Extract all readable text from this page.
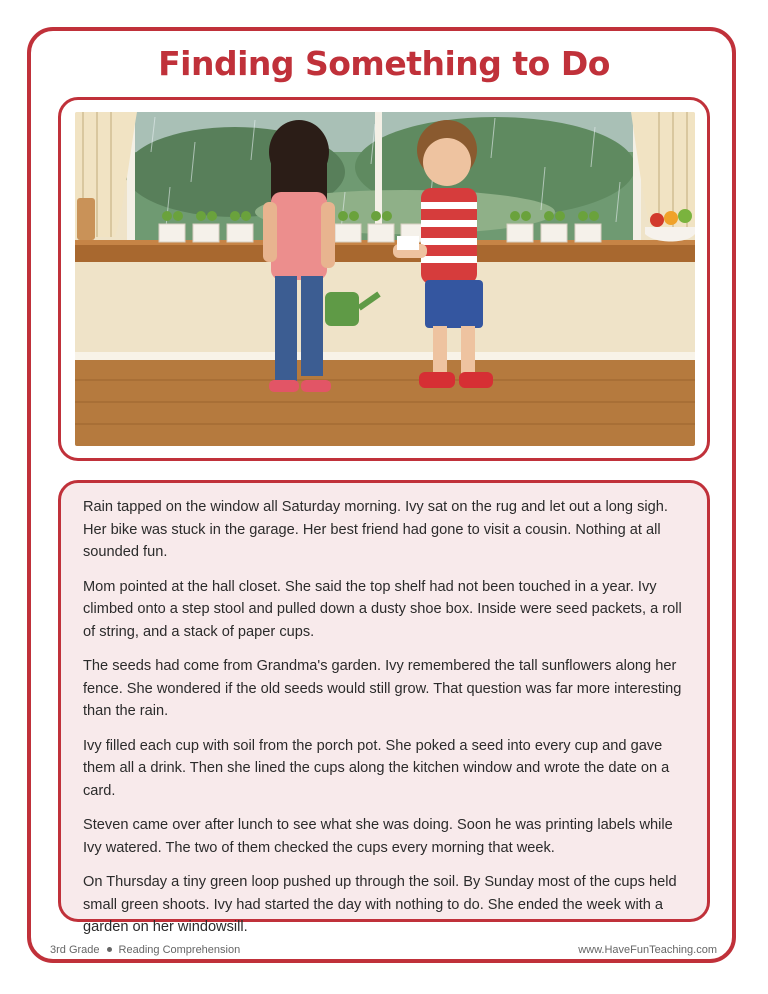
Finding Something to Do

Rain tapped on the window all Saturday morning. Ivy sat on the rug and let out a long sigh. Her bike was stuck in the garage. Her best friend had gone to visit a cousin. Nothing at all sounded fun.

Mom pointed at the hall closet. She said the top shelf had not been touched in a year. Ivy climbed onto a step stool and pulled down a dusty shoe box. Inside were seed packets, a roll of string, and a stack of paper cups.

The seeds had come from Grandma's garden. Ivy remembered the tall sunflowers along her fence. She wondered if the old seeds would still grow. That question was far more interesting than the rain.

Ivy filled each cup with soil from the porch pot. She poked a seed into every cup and gave them all a drink. Then she lined the cups along the kitchen window and wrote the date on a card.

Steven came over after lunch to see what she was doing. Soon he was printing labels while Ivy watered. The two of them checked the cups every morning that week.

On Thursday a tiny green loop pushed up through the soil. By Sunday most of the cups held small green shoots. Ivy had started the day with nothing to do. She ended the week with a garden on her windowsill.

3rd Grade Reading Comprehension	www.HaveFunTeaching.com
